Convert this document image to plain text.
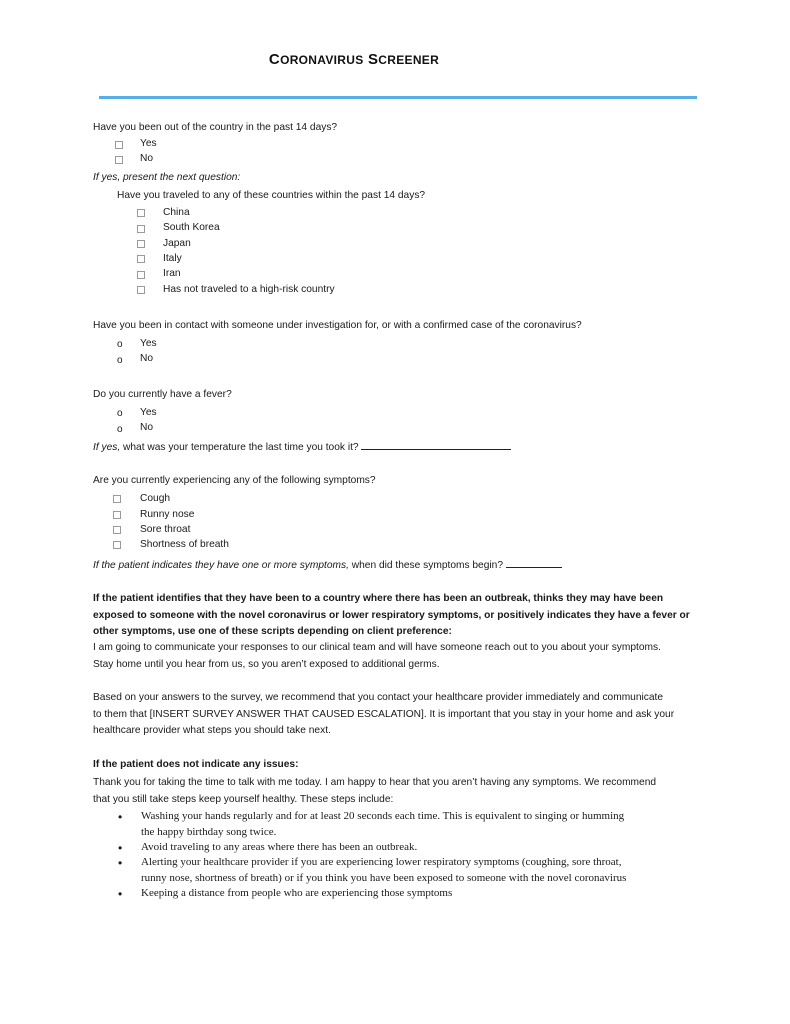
CORONAVIRUS SCREENER
Have you been out of the country in the past 14 days?
Yes
No
If yes, present the next question:
Have you traveled to any of these countries within the past 14 days?
China
South Korea
Japan
Italy
Iran
Has not traveled to a high-risk country
Have you been in contact with someone under investigation for, or with a confirmed case of the coronavirus?
o Yes
o No
Do you currently have a fever?
o Yes
o No
If yes, what was your temperature the last time you took it?
Are you currently experiencing any of the following symptoms?
Cough
Runny nose
Sore throat
Shortness of breath
If the patient indicates they have one or more symptoms, when did these symptoms begin?
If the patient identifies that they have been to a country where there has been an outbreak, thinks they may have been
exposed to someone with the novel coronavirus or lower respiratory symptoms, or positively indicates they have a fever or
other symptoms, use one of these scripts depending on client preference:
I am going to communicate your responses to our clinical team and will have someone reach out to you about your symptoms.
Stay home until you hear from us, so you aren’t exposed to additional germs.
Based on your answers to the survey, we recommend that you contact your healthcare provider immediately and communicate
to them that [INSERT SURVEY ANSWER THAT CAUSED ESCALATION]. It is important that you stay in your home and ask your
healthcare provider what steps you should take next.
If the patient does not indicate any issues:
Thank you for taking the time to talk with me today. I am happy to hear that you aren’t having any symptoms. We recommend
that you still take steps keep yourself healthy. These steps include:
• Washing your hands regularly and for at least 20 seconds each time. This is equivalent to singing or humming
the happy birthday song twice.
• Avoid traveling to any areas where there has been an outbreak.
• Alerting your healthcare provider if you are experiencing lower respiratory symptoms (coughing, sore throat,
runny nose, shortness of breath) or if you think you have been exposed to someone with the novel coronavirus
• Keeping a distance from people who are experiencing those symptoms
